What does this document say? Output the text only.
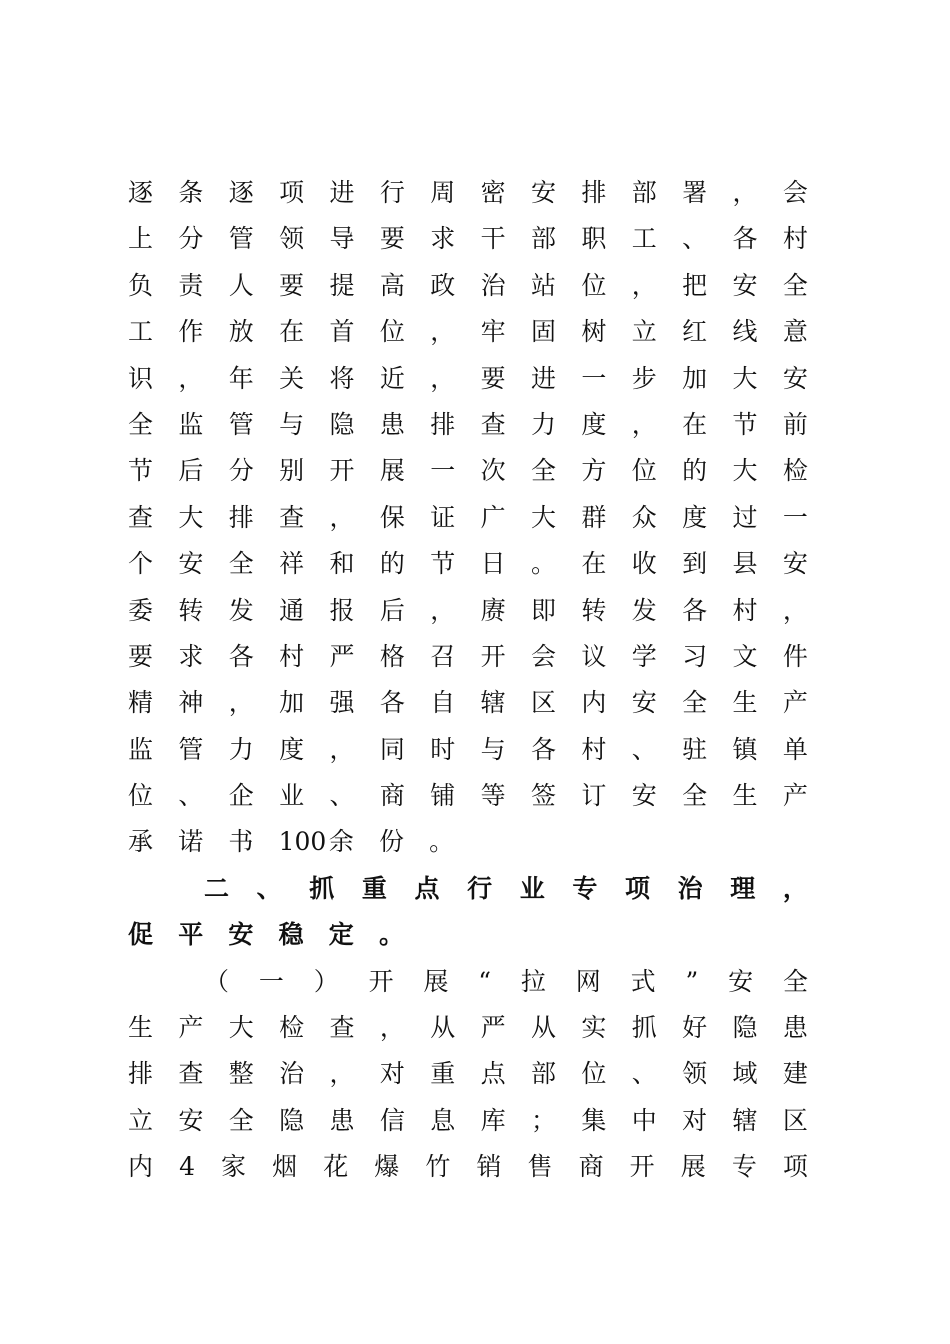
逐 条 逐 项 进 行 周 密 安 排 部 署 ， 会
上 分 管 领 导 要 求 干 部 职 工 、 各 村
负 责 人 要 提 高 政 治 站 位 ， 把 安 全
工 作 放 在 首 位 ， 牢 固 树 立 红 线 意
识 ， 年 关 将 近 ， 要 进 一 步 加 大 安
全 监 管 与 隐 患 排 查 力 度 ， 在 节 前
节 后 分 别 开 展 一 次 全 方 位 的 大 检
查 大 排 查 ， 保 证 广 大 群 众 度 过 一
个 安 全 祥 和 的 节 日 。 在 收 到 县 安
委 转 发 通 报 后 ， 赓 即 转 发 各 村 ，
要 求 各 村 严 格 召 开 会 议 学 习 文 件
精 神 ， 加 强 各 自 辖 区 内 安 全 生 产
监 管 力 度 ， 同 时 与 各 村 、 驻 镇 单
位 、 企 业 、 商 铺 等 签 订 安 全 生 产
承	诺	书	100 余	份	。
二 、 抓 重 点 行 业 专 项 治 理 ，
促	平	安	稳	定	。
（ 一 ） 开 展 “ 拉 网 式 ” 安 全
生 产 大 检 查 ， 从 严 从 实 抓 好 隐 患
排 查 整 治 ， 对 重 点 部 位 、 领 域 建
立 安 全 隐 患 信 息 库 ； 集 中 对 辖 区
内 4 家 烟 花 爆 竹 销 售 商 开 展 专 项
